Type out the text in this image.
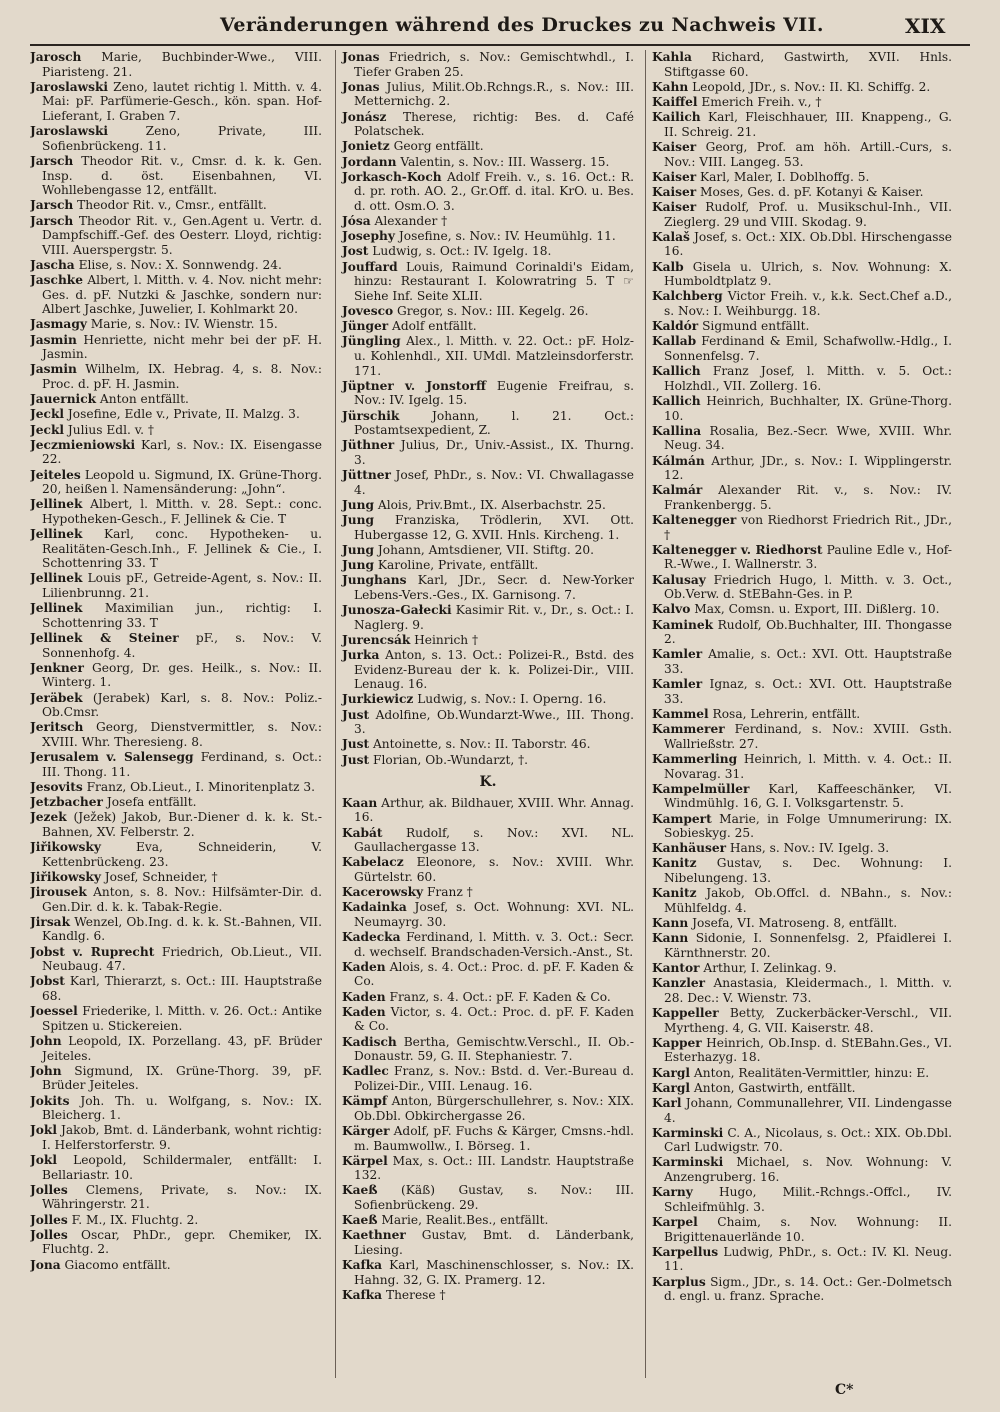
Veränderungen während des Druckes zu Nachweis VII.	XIX
Jarosch Marie, Buchbinder-Wwe., VIII. Piaristeng. 21.
Jaroslawski Zeno, lautet richtig l. Mitth. v. 4. Mai: pF. Parfümerie-Gesch., kön. span. Hof-Lieferant, I. Graben 7.
Jaroslawski Zeno, Private, III. Sofienbrückeng. 11.
Jarsch Theodor Rit. v., Cmsr. d. k. k. Gen. Insp. d. öst. Eisenbahnen, VI. Wohllebengasse 12, entfällt.
Jarsch Theodor Rit. v., Cmsr., entfällt.
Jarsch Theodor Rit. v., Gen.Agent u. Vertr. d. Dampfschiff.-Gef. des Oesterr. Lloyd, richtig: VIII. Auerspergstr. 5.
Jascha Elise, s. Nov.: X. Sonnwendg. 24.
Jaschke Albert, l. Mitth. v. 4. Nov. nicht mehr: Ges. d. pF. Nutzki & Jaschke, sondern nur: Albert Jaschke, Juwelier, I. Kohlmarkt 20.
Jasmagy Marie, s. Nov.: IV. Wienstr. 15.
Jasmin Henriette, nicht mehr bei der pF. H. Jasmin.
Jasmin Wilhelm, IX. Hebrag. 4, s. 8. Nov.: Proc. d. pF. H. Jasmin.
Jauernick Anton entfällt.
Jeckl Josefine, Edle v., Private, II. Malzg. 3.
Jeckl Julius Edl. v. †
Jeczmieniowski Karl, s. Nov.: IX. Eisengasse 22.
Jeiteles Leopold u. Sigmund, IX. Grüne-Thorg. 20, heißen l. Namensänderung: „John“.
Jellinek Albert, l. Mitth. v. 28. Sept.: conc. Hypotheken-Gesch., F. Jellinek & Cie. T
Jellinek Karl, conc. Hypotheken- u. Realitäten-Gesch.Inh., F. Jellinek & Cie., I. Schottenring 33. T
Jellinek Louis pF., Getreide-Agent, s. Nov.: II. Lilienbrunng. 21.
Jellinek Maximilian jun., richtig: I. Schottenring 33. T
Jellinek & Steiner pF., s. Nov.: V. Sonnenhofg. 4.
Jenkner Georg, Dr. ges. Heilk., s. Nov.: II. Winterg. 1.
Jeräbek (Jerabek) Karl, s. 8. Nov.: Poliz.-Ob.Cmsr.
Jeritsch Georg, Dienstvermittler, s. Nov.: XVIII. Whr. Theresieng. 8.
Jerusalem v. Salensegg Ferdinand, s. Oct.: III. Thong. 11.
Jesovits Franz, Ob.Lieut., I. Minoritenplatz 3.
Jetzbacher Josefa entfällt.
Jezek (Ježek) Jakob, Bur.-Diener d. k. k. St.-Bahnen, XV. Felberstr. 2.
Jiřikowsky Eva, Schneiderin, V. Kettenbrückeng. 23.
Jiřikowsky Josef, Schneider, †
Jirousek Anton, s. 8. Nov.: Hilfsämter-Dir. d. Gen.Dir. d. k. k. Tabak-Regie.
Jirsak Wenzel, Ob.Ing. d. k. k. St.-Bahnen, VII. Kandlg. 6.
Jobst v. Ruprecht Friedrich, Ob.Lieut., VII. Neubaug. 47.
Jobst Karl, Thierarzt, s. Oct.: III. Hauptstraße 68.
Joessel Friederike, l. Mitth. v. 26. Oct.: Antike Spitzen u. Stickereien.
John Leopold, IX. Porzellang. 43, pF. Brüder Jeiteles.
John Sigmund, IX. Grüne-Thorg. 39, pF. Brüder Jeiteles.
Jokits Joh. Th. u. Wolfgang, s. Nov.: IX. Bleicherg. 1.
Jokl Jakob, Bmt. d. Länderbank, wohnt richtig: I. Helferstorferstr. 9.
Jokl Leopold, Schildermaler, entfällt: I. Bellariastr. 10.
Jolles Clemens, Private, s. Nov.: IX. Währingerstr. 21.
Jolles F. M., IX. Fluchtg. 2.
Jolles Oscar, PhDr., gepr. Chemiker, IX. Fluchtg. 2.
Jona Giacomo entfällt.
Jonas Friedrich, s. Nov.: Gemischtwhdl., I. Tiefer Graben 25.
Jonas Julius, Milit.Ob.Rchngs.R., s. Nov.: III. Metternichg. 2.
Jonász Therese, richtig: Bes. d. Café Polatschek.
Jonietz Georg entfällt.
Jordann Valentin, s. Nov.: III. Wasserg. 15.
Jorkasch-Koch Adolf Freih. v., s. 16. Oct.: R. d. pr. roth. AO. 2., Gr.Off. d. ital. KrO. u. Bes. d. ott. Osm.O. 3.
Jósa Alexander †
Josephy Josefine, s. Nov.: IV. Heumühlg. 11.
Jost Ludwig, s. Oct.: IV. Igelg. 18.
Jouffard Louis, Raimund Corinaldi's Eidam, hinzu: Restaurant I. Kolowratring 5. T ☞ Siehe Inf. Seite XLII.
Jovesco Gregor, s. Nov.: III. Kegelg. 26.
Jünger Adolf entfällt.
Jüngling Alex., l. Mitth. v. 22. Oct.: pF. Holz- u. Kohlenhdl., XII. UMdl. Matzleinsdorferstr. 171.
Jüptner v. Jonstorff Eugenie Freifrau, s. Nov.: IV. Igelg. 15.
Jürschik Johann, l. 21. Oct.: Postamtsexpedient, Z.
Jüthner Julius, Dr., Univ.-Assist., IX. Thurng. 3.
Jüttner Josef, PhDr., s. Nov.: VI. Chwallagasse 4.
Jung Alois, Priv.Bmt., IX. Alserbachstr. 25.
Jung Franziska, Trödlerin, XVI. Ott. Hubergasse 12, G. XVII. Hnls. Kircheng. 1.
Jung Johann, Amtsdiener, VII. Stiftg. 20.
Jung Karoline, Private, entfällt.
Junghans Karl, JDr., Secr. d. New-Yorker Lebens-Vers.-Ges., IX. Garnisong. 7.
Junosza-Gałecki Kasimir Rit. v., Dr., s. Oct.: I. Naglerg. 9.
Jurencsák Heinrich †
Jurka Anton, s. 13. Oct.: Polizei-R., Bstd. des Evidenz-Bureau der k. k. Polizei-Dir., VIII. Lenaug. 16.
Jurkiewicz Ludwig, s. Nov.: I. Operng. 16.
Just Adolfine, Ob.Wundarzt-Wwe., III. Thong. 3.
Just Antoinette, s. Nov.: II. Taborstr. 46.
Just Florian, Ob.-Wundarzt, †.
K.
Kaan Arthur, ak. Bildhauer, XVIII. Whr. Annag. 16.
Kabát Rudolf, s. Nov.: XVI. NL. Gaullachergasse 13.
Kabelacz Eleonore, s. Nov.: XVIII. Whr. Gürtelstr. 60.
Kacerowsky Franz †
Kadainka Josef, s. Oct. Wohnung: XVI. NL. Neumayrg. 30.
Kadecka Ferdinand, l. Mitth. v. 3. Oct.: Secr. d. wechself. Brandschaden-Versich.-Anst., St.
Kaden Alois, s. 4. Oct.: Proc. d. pF. F. Kaden & Co.
Kaden Franz, s. 4. Oct.: pF. F. Kaden & Co.
Kaden Victor, s. 4. Oct.: Proc. d. pF. F. Kaden & Co.
Kadisch Bertha, Gemischtw.Verschl., II. Ob.-Donaustr. 59, G. II. Stephaniestr. 7.
Kadlec Franz, s. Nov.: Bstd. d. Ver.-Bureau d. Polizei-Dir., VIII. Lenaug. 16.
Kämpf Anton, Bürgerschullehrer, s. Nov.: XIX. Ob.Dbl. Obkirchergasse 26.
Kärger Adolf, pF. Fuchs & Kärger, Cmsns.-hdl. m. Baumwollw., I. Börseg. 1.
Kärpel Max, s. Oct.: III. Landstr. Hauptstraße 132.
Kaeß (Käß) Gustav, s. Nov.: III. Sofienbrückeng. 29.
Kaeß Marie, Realit.Bes., entfällt.
Kaethner Gustav, Bmt. d. Länderbank, Liesing.
Kafka Karl, Maschinenschlosser, s. Nov.: IX. Hahng. 32, G. IX. Pramerg. 12.
Kafka Therese †
Kahla Richard, Gastwirth, XVII. Hnls. Stiftgasse 60.
Kahn Leopold, JDr., s. Nov.: II. Kl. Schiffg. 2.
Kaiffel Emerich Freih. v., †
Kailich Karl, Fleischhauer, III. Knappeng., G. II. Schreig. 21.
Kaiser Georg, Prof. am höh. Artill.-Curs, s. Nov.: VIII. Langeg. 53.
Kaiser Karl, Maler, I. Doblhoffg. 5.
Kaiser Moses, Ges. d. pF. Kotanyi & Kaiser.
Kaiser Rudolf, Prof. u. Musikschul-Inh., VII. Zieglerg. 29 und VIII. Skodag. 9.
Kalaš Josef, s. Oct.: XIX. Ob.Dbl. Hirschengasse 16.
Kalb Gisela u. Ulrich, s. Nov. Wohnung: X. Humboldtplatz 9.
Kalchberg Victor Freih. v., k.k. Sect.Chef a.D., s. Nov.: I. Weihburgg. 18.
Kaldór Sigmund entfällt.
Kallab Ferdinand & Emil, Schafwollw.-Hdlg., I. Sonnenfelsg. 7.
Kallich Franz Josef, l. Mitth. v. 5. Oct.: Holzhdl., VII. Zollerg. 16.
Kallich Heinrich, Buchhalter, IX. Grüne-Thorg. 10.
Kallina Rosalia, Bez.-Secr. Wwe, XVIII. Whr. Neug. 34.
Kálmán Arthur, JDr., s. Nov.: I. Wipplingerstr. 12.
Kalmár Alexander Rit. v., s. Nov.: IV. Frankenbergg. 5.
Kaltenegger von Riedhorst Friedrich Rit., JDr., †
Kaltenegger v. Riedhorst Pauline Edle v., Hof-R.-Wwe., I. Wallnerstr. 3.
Kalusay Friedrich Hugo, l. Mitth. v. 3. Oct., Ob.Verw. d. StEBahn-Ges. in P.
Kalvo Max, Comsn. u. Export, III. Dißlerg. 10.
Kaminek Rudolf, Ob.Buchhalter, III. Thongasse 2.
Kamler Amalie, s. Oct.: XVI. Ott. Hauptstraße 33.
Kamler Ignaz, s. Oct.: XVI. Ott. Hauptstraße 33.
Kammel Rosa, Lehrerin, entfällt.
Kammerer Ferdinand, s. Nov.: XVIII. Gsth. Wallrießstr. 27.
Kammerling Heinrich, l. Mitth. v. 4. Oct.: II. Novarag. 31.
Kampelmüller Karl, Kaffeeschänker, VI. Windmühlg. 16, G. I. Volksgartenstr. 5.
Kampert Marie, in Folge Umnumerirung: IX. Sobieskyg. 25.
Kanhäuser Hans, s. Nov.: IV. Igelg. 3.
Kanitz Gustav, s. Dec. Wohnung: I. Nibelungeng. 13.
Kanitz Jakob, Ob.Offcl. d. NBahn., s. Nov.: Mühlfeldg. 4.
Kann Josefa, VI. Matroseng. 8, entfällt.
Kann Sidonie, I. Sonnenfelsg. 2, Pfaidlerei I. Kärnthnerstr. 20.
Kantor Arthur, I. Zelinkag. 9.
Kanzler Anastasia, Kleidermach., l. Mitth. v. 28. Dec.: V. Wienstr. 73.
Kappeller Betty, Zuckerbäcker-Verschl., VII. Myrtheng. 4, G. VII. Kaiserstr. 48.
Kapper Heinrich, Ob.Insp. d. StEBahn.Ges., VI. Esterhazyg. 18.
Kargl Anton, Realitäten-Vermittler, hinzu: E.
Kargl Anton, Gastwirth, entfällt.
Karl Johann, Communallehrer, VII. Lindengasse 4.
Karminski C. A., Nicolaus, s. Oct.: XIX. Ob.Dbl. Carl Ludwigstr. 70.
Karminski Michael, s. Nov. Wohnung: V. Anzengruberg. 16.
Karny Hugo, Milit.-Rchngs.-Offcl., IV. Schleifmühlg. 3.
Karpel Chaim, s. Nov. Wohnung: II. Brigittenauerlände 10.
Karpellus Ludwig, PhDr., s. Oct.: IV. Kl. Neug. 11.
Karplus Sigm., JDr., s. 14. Oct.: Ger.-Dolmetsch d. engl. u. franz. Sprache.
C*
